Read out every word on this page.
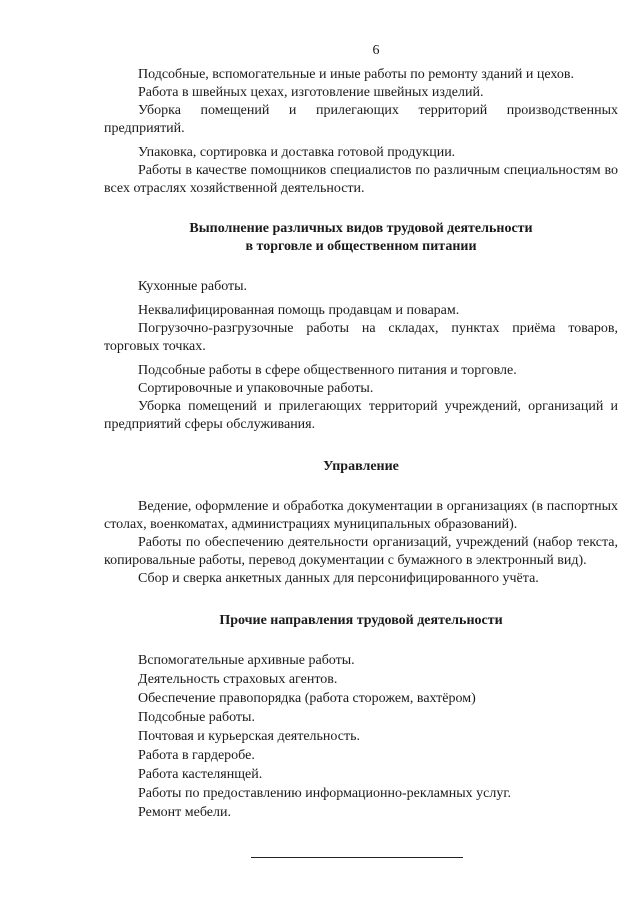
6

Подсобные, вспомогательные и иные работы по ремонту зданий и цехов.

Работа в швейных цехах, изготовление швейных изделий.

Уборка помещений и прилегающих территорий производственных предприятий.

Упаковка, сортировка и доставка готовой продукции.

Работы в качестве помощников специалистов по различным специальностям во всех отраслях хозяйственной деятельности.

Выполнение различных видов трудовой деятельности
в торговле и общественном питании

Кухонные работы.

Неквалифицированная помощь продавцам и поварам.

Погрузочно-разгрузочные работы на складах, пунктах приёма товаров, торговых точках.

Подсобные работы в сфере общественного питания и торговле.

Сортировочные и упаковочные работы.

Уборка помещений и прилегающих территорий учреждений, организаций и предприятий сферы обслуживания.

Управление

Ведение, оформление и обработка документации в организациях (в паспортных столах, военкоматах, администрациях муниципальных образований).

Работы по обеспечению деятельности организаций, учреждений (набор текста, копировальные работы, перевод документации с бумажного в электронный вид).

Сбор и сверка анкетных данных для персонифицированного учёта.

Прочие направления трудовой деятельности

Вспомогательные архивные работы.

Деятельность страховых агентов.

Обеспечение правопорядка (работа сторожем, вахтёром)

Подсобные работы.

Почтовая и курьерская деятельность.

Работа в гардеробе.

Работа кастелянщей.

Работы по предоставлению информационно-рекламных услуг.

Ремонт мебели.
